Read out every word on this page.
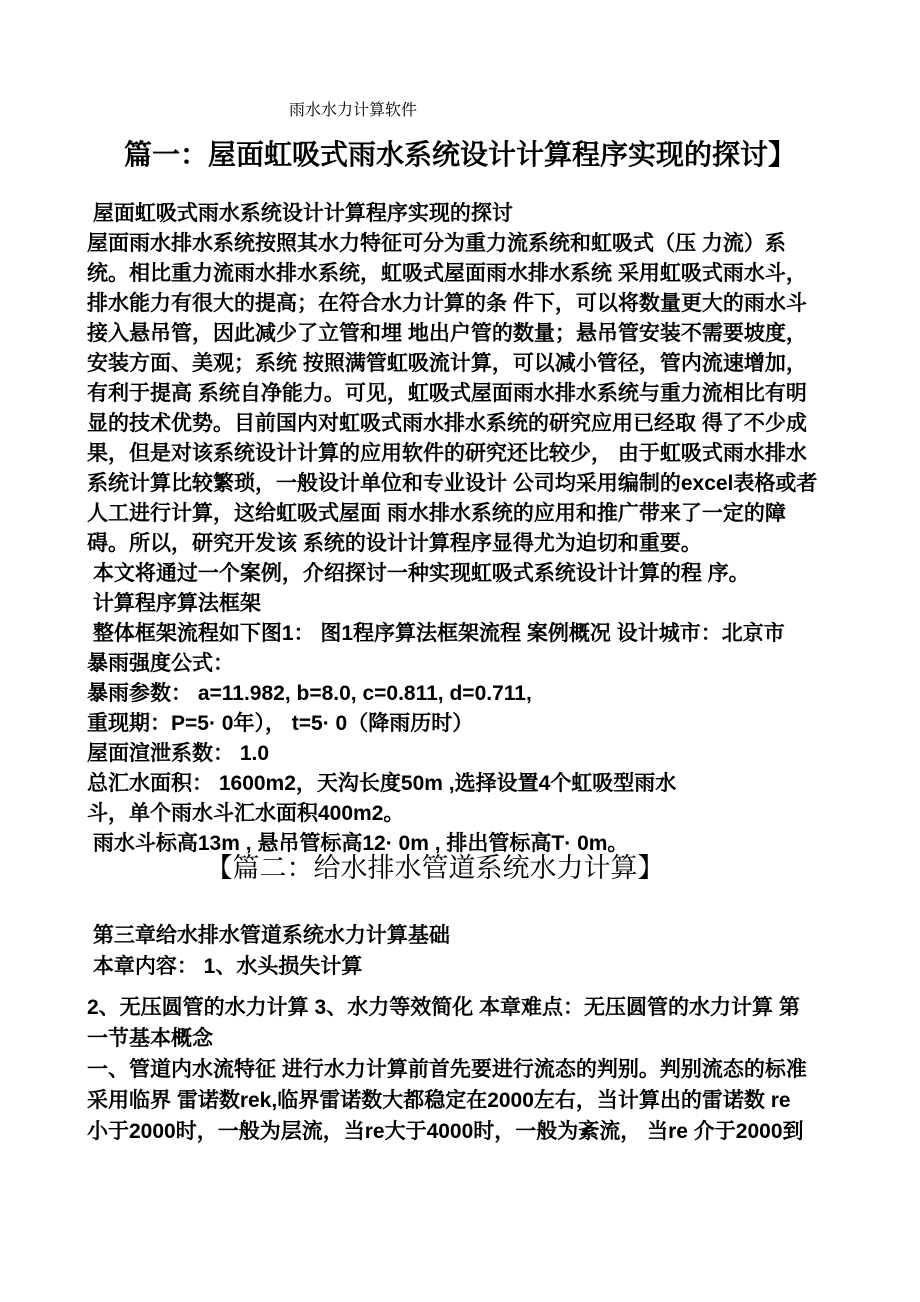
雨水水力计算软件
篇一：屋面虹吸式雨水系统设计计算程序实现的探讨】
屋面虹吸式雨水系统设计计算程序实现的探讨
屋面雨水排水系统按照其水力特征可分为重力流系统和虹吸式（压 力流）系
统。相比重力流雨水排水系统，虹吸式屋面雨水排水系统 采用虹吸式雨水斗，
排水能力有很大的提高；在符合水力计算的条 件下，可以将数量更大的雨水斗
接入悬吊管，因此减少了立管和埋 地出户管的数量；悬吊管安装不需要坡度，
安装方面、美观；系统 按照满管虹吸流计算，可以减小管径，管内流速增加，
有利于提高 系统自净能力。可见，虹吸式屋面雨水排水系统与重力流相比有明
显的技术优势。目前国内对虹吸式雨水排水系统的研究应用已经取 得了不少成
果，但是对该系统设计计算的应用软件的研究还比较少， 由于虹吸式雨水排水
系统计算比较繁琐，一般设计单位和专业设计 公司均采用编制的excel表格或者
人工进行计算，这给虹吸式屋面 雨水排水系统的应用和推广带来了一定的障
碍。所以，研究开发该 系统的设计计算程序显得尤为迫切和重要。
本文将通过一个案例，介绍探讨一种实现虹吸式系统设计计算的程 序。
计算程序算法框架
整体框架流程如下图1： 图1程序算法框架流程 案例概况 设计城市：北京市
暴雨强度公式：
暴雨参数： a=11.982, b=8.0, c=0.811, d=0.711,
重现期：P=5· 0年）， t=5· 0（降雨历时）
屋面渲泄系数： 1.0
总汇水面积： 1600m2，天沟长度50m ,选择设置4个虹吸型雨水
斗，单个雨水斗汇水面积400m2。
雨水斗标高13m , 悬吊管标高12· 0m , 排出管标高T· 0m。
【篇二：给水排水管道系统水力计算】
第三章给水排水管道系统水力计算基础
本章内容： 1、水头损失计算
2、无压圆管的水力计算 3、水力等效简化 本章难点：无压圆管的水力计算 第
一节基本概念
一、管道内水流特征 进行水力计算前首先要进行流态的判别。判别流态的标准
采用临界 雷诺数rek,临界雷诺数大都稳定在2000左右，当计算出的雷诺数 re
小于2000时，一般为层流，当re大于4000时，一般为紊流， 当re 介于2000到
